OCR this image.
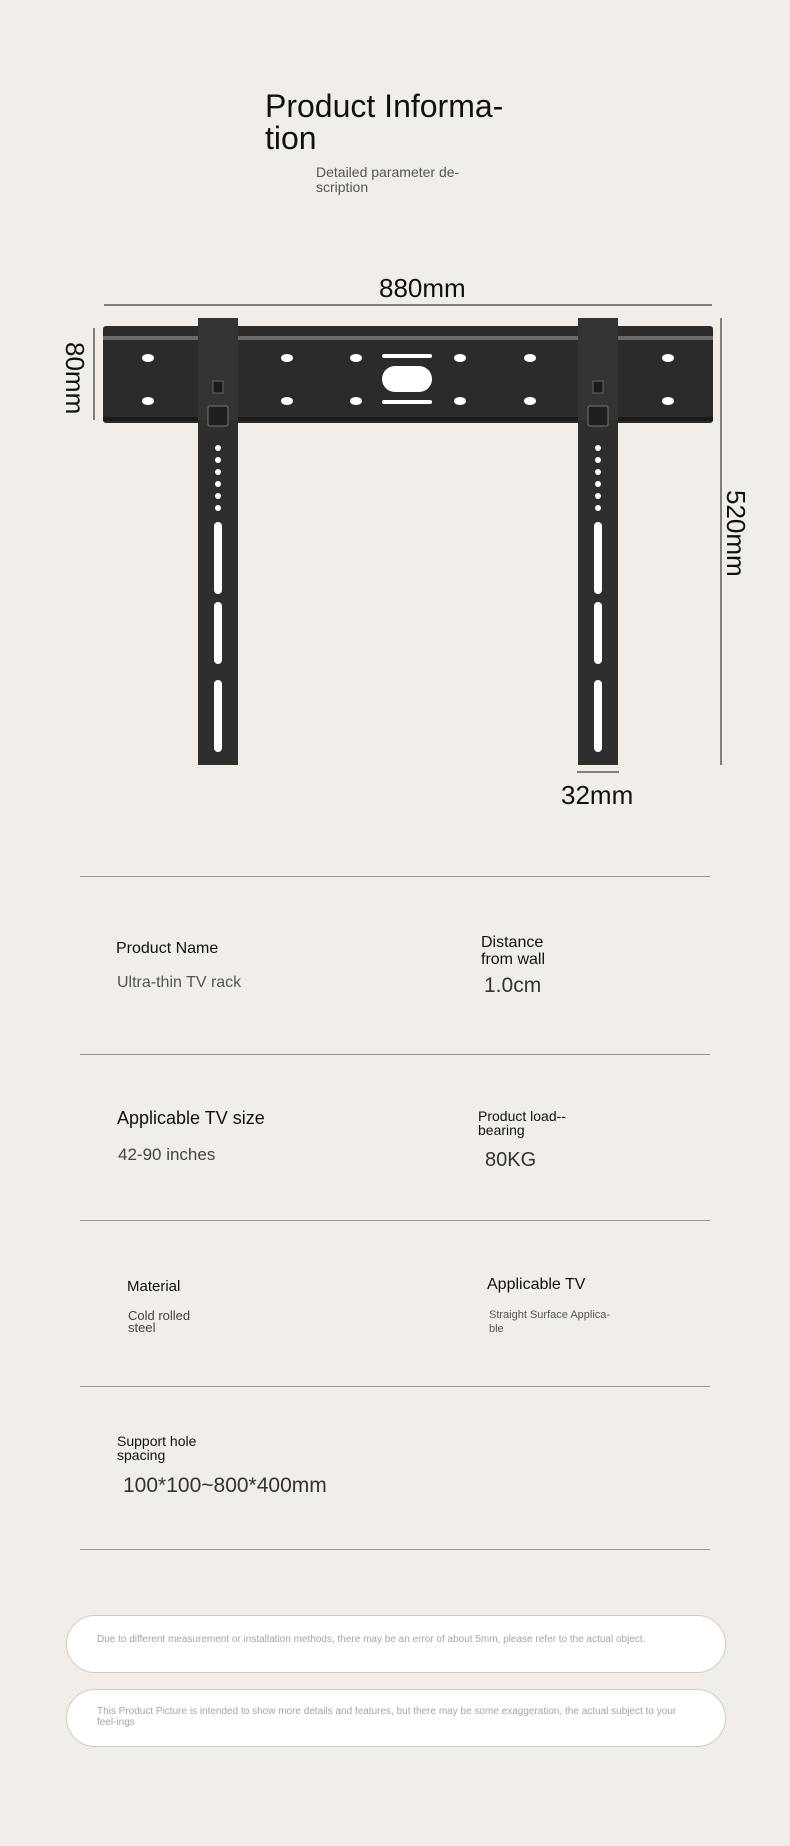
Product Informa-tion
Detailed parameter de-scription
880mm
80mm
520mm
32mm
Product Name
Ultra-thin TV rack
Distance from wall
1.0cm
Applicable TV size
42-90 inches
Product load--bearing
80KG
Material
Cold rolled steel
Applicable TV
Straight Surface Applica-ble
Support hole spacing
100*100~800*400mm
Due to different measurement or installation methods, there may be an error of about 5mm, please refer to the actual object.
This Product Picture is intended to show more details and features, but there may be some exaggeration, the actual subject to your feel-ings
